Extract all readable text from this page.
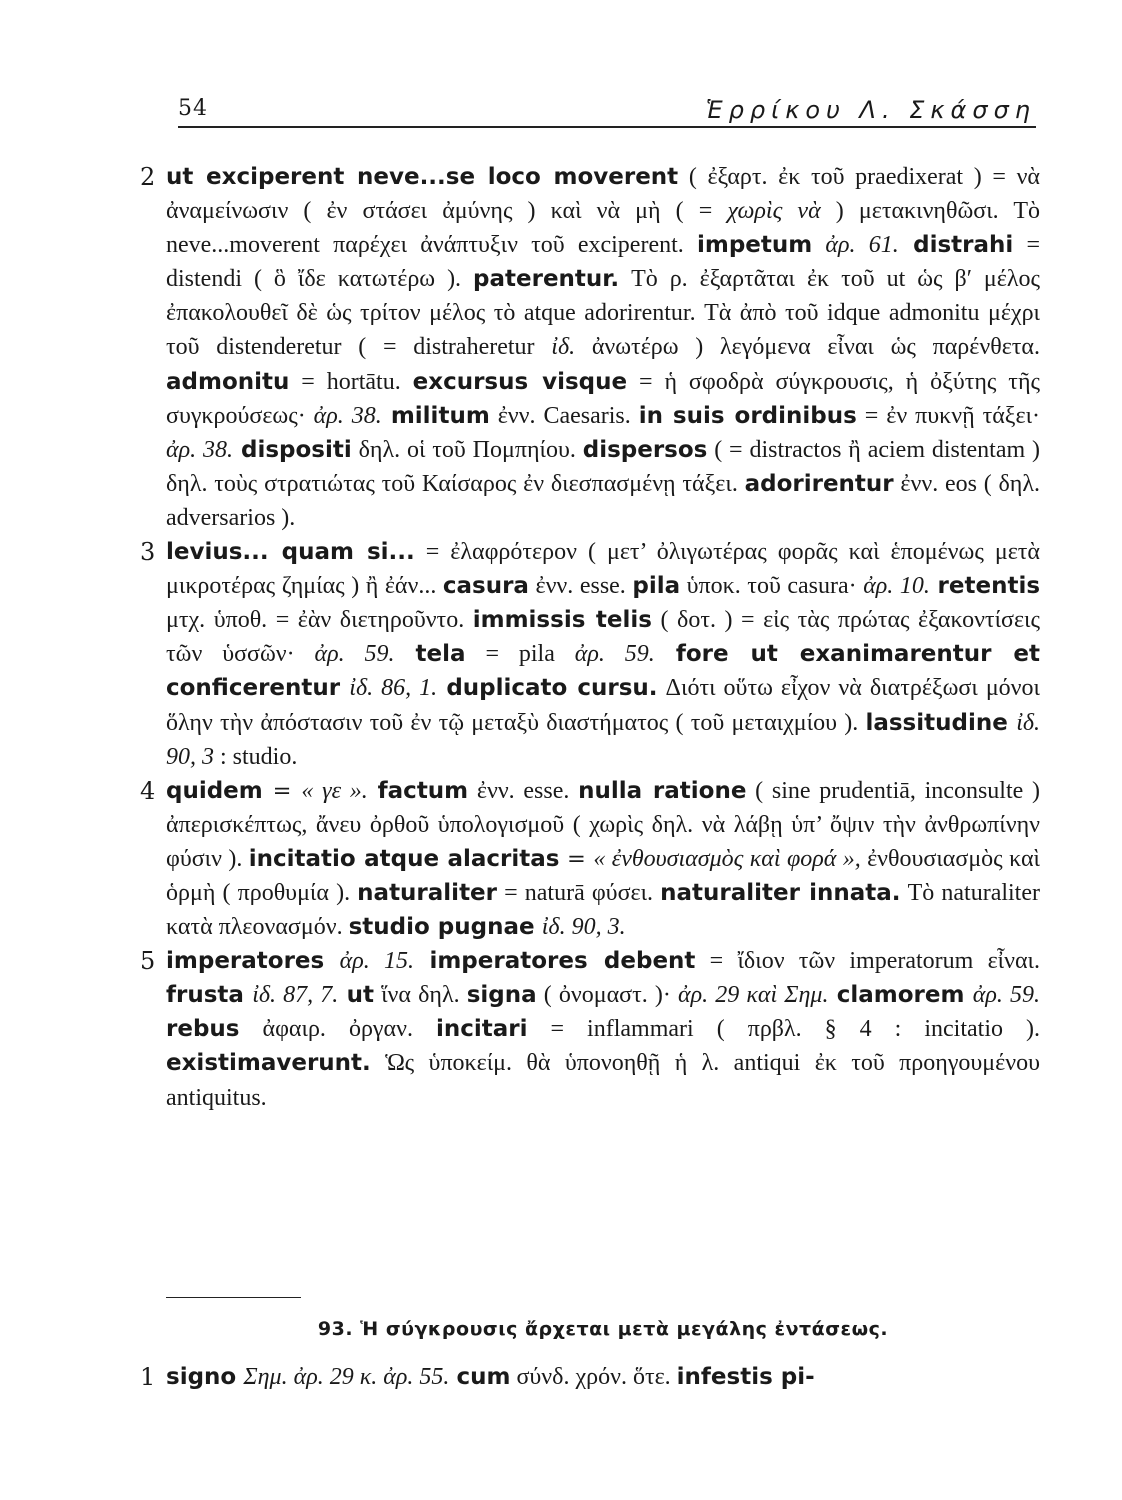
54	Ἑρρίκου Λ. Σκάσση

2 ut exciperent neve...se loco moverent ( ἐξαρτ. ἐκ τοῦ praedixerat ) = νὰ ἀναμείνωσιν ( ἐν στάσει ἀμύνης ) καὶ νὰ μὴ ( = χωρὶς νὰ ) μετακινηθῶσι. Τὸ neve...moverent παρέχει ἀνάπτυξιν τοῦ exciperent. impetum ἀρ. 61. distrahi = distendi ( ὃ ἴδε κατωτέρω ). paterentur. Τὸ ρ. ἐξαρτᾶται ἐκ τοῦ ut ὡς β′ μέλος ἐπακολουθεῖ δὲ ὡς τρίτον μέλος τὸ atque adorirentur. Τὰ ἀπὸ τοῦ idque admonitu μέχρι τοῦ distenderetur ( = distraheretur ἰδ. ἀνωτέρω ) λεγόμενα εἶναι ὡς παρένθετα. admonitu = hortātu. excursus visque = ἡ σφοδρὰ σύγκρουσις, ἡ ὀξύτης τῆς συγκρούσεως· ἀρ. 38. militum ἐνν. Caesaris. in suis ordinibus = ἐν πυκνῇ τάξει· ἀρ. 38. dispositi δηλ. οἱ τοῦ Πομπηίου. dispersos ( = distractos ἢ aciem distentam ) δηλ. τοὺς στρατιώτας τοῦ Καίσαρος ἐν διεσπασμένῃ τάξει. adorirentur ἐνν. eos ( δηλ. adversarios ).

3 levius... quam si... = ἐλαφρότερον ( μετ’ ὀλιγωτέρας φορᾶς καὶ ἑπομένως μετὰ μικροτέρας ζημίας ) ἢ ἐάν... casura ἐνν. esse. pila ὑποκ. τοῦ casura· ἀρ. 10. retentis μτχ. ὑποθ. = ἐὰν διετηροῦντο. immissis telis ( δοτ. ) = εἰς τὰς πρώτας ἐξακοντίσεις τῶν ὑσσῶν· ἀρ. 59. tela = pila ἀρ. 59. fore ut exanimarentur et conficerentur ἰδ. 86, 1. duplicato cursu. Διότι οὕτω εἶχον νὰ διατρέξωσι μόνοι ὅλην τὴν ἀπόστασιν τοῦ ἐν τῷ μεταξὺ διαστήματος ( τοῦ μεταιχμίου ). lassitudine ἰδ. 90, 3 : studio.

4 quidem = « γε ». factum ἐνν. esse. nulla ratione ( sine prudentiā, inconsulte ) ἀπερισκέπτως, ἄνευ ὀρθοῦ ὑπολογισμοῦ ( χωρὶς δηλ. νὰ λάβῃ ὑπ’ ὄψιν τὴν ἀνθρωπίνην φύσιν ). incitatio atque alacritas = « ἐνθουσιασμὸς καὶ φορά », ἐνθουσιασμὸς καὶ ὁρμὴ ( προθυμία ). naturaliter = naturā φύσει. naturaliter innata. Τὸ naturaliter κατὰ πλεονασμόν. studio pugnae ἰδ. 90, 3.

5 imperatores ἀρ. 15. imperatores debent = ἴδιον τῶν imperatorum εἶναι. frusta ἰδ. 87, 7. ut ἵνα δηλ. signa ( ὀνομαστ. )· ἀρ. 29 καὶ Σημ. clamorem ἀρ. 59. rebus ἀφαιρ. ὀργαν. incitari = inflammari ( πρβλ. § 4 : incitatio ). existimaverunt. Ὡς ὑποκείμ. θὰ ὑπονοηθῇ ἡ λ. antiqui ἐκ τοῦ προηγουμένου antiquitus.

93. Ἡ σύγκρουσις ἄρχεται μετὰ μεγάλης ἐντάσεως.

1 signo Σημ. ἀρ. 29 κ. ἀρ. 55. cum σύνδ. χρόν. ὅτε. infestis pi-
